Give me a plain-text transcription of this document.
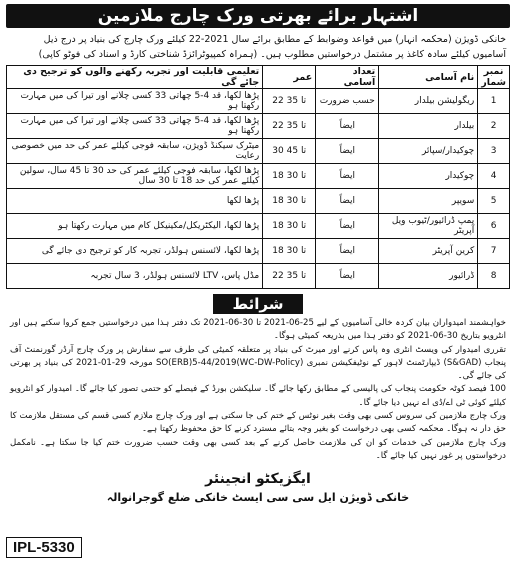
اشتہار برائے بھرتی ورک چارج ملازمین
خانکی ڈویژن (محکمہ انہار) میں قواعد وضوابط کے مطابق برائے سال 2021-22 کیلئے ورک چارج کی بنیاد پر درج ذیل آسامیوں کیلئے سادہ کاغذ پر مشتمل درخواستیں مطلوب ہیں۔ (ہمراہ کمپیوٹرائزڈ شناختی کارڈ و اسناد کی فوٹو کاپی)
نمبر شمار	نام آسامی	تعداد آسامی	عمر	تعلیمی قابلیت اور تجربہ رکھنے والوں کو ترجیح دی جائے گی
1	ریگولیشن بیلدار	حسب ضرورت	22 تا 35	پڑھا لکھا، قد 4-5 چھاتی 33 کسی چلانے اور تیرا کی میں مہارت رکھتا ہو
2	بیلدار	ایضاً	22 تا 35	پڑھا لکھا، قد 4-5 چھاتی 33 کسی چلانے اور تیرا کی میں مہارت رکھتا ہو
3	چوکیدار/سپائر	ایضاً	30 تا 45	میٹرک سیکنڈ ڈویژن، سابقہ فوجی کیلئے عمر کی حد میں خصوصی رعایت
4	چوکیدار	ایضاً	18 تا 30	پڑھا لکھا، سابقہ فوجی کیلئے عمر کی حد 30 تا 45 سال، سولین کیلئے عمر کی حد 18 تا 30 سال
5	سویپر	ایضاً	18 تا 30	پڑھا لکھا
6	پمپ ڈرائیور/ٹیوب ویل آپریٹر	ایضاً	18 تا 30	پڑھا لکھا، الیکٹریکل/مکینیکل کام میں مہارت رکھتا ہو
7	کرین آپریٹر	ایضاً	18 تا 30	پڑھا لکھا، لائسنس ہولڈر، تجربہ کار کو ترجیح دی جائے گی
8	ڈرائیور	ایضاً	22 تا 35	مڈل پاس، LTV لائسنس ہولڈر، 3 سال تجربہ
شرائط

خواہشمند امیدواران بیان کردہ خالی آسامیوں کے لیے 25-06-2021 تا 30-06-2021 تک دفتر ہذا میں درخواستیں جمع کروا سکتے ہیں اور انٹرویو بتاریخ 30-06-2021 کو دفتر ہذا میں بذریعہ کمیٹی ہوگا۔

تقرری امیدوار کی ویسٹ انٹری وہ پاس کرنے اور میرٹ کی بنیاد پر متعلقہ کمیٹی کی طرف سے سفارش پر ورک چارج آرڈر گورنمنٹ آف پنجاب (S&GAD) ڈیپارٹمنٹ لاہور کے نوٹیفکیشن نمبری SO(ERB)5-44/2019(WC-DW-Policy) مورخہ 29-01-2021 کی بنیاد پر بھرتی کی جائے گی۔

100 فیصد کوٹہ حکومت پنجاب کی پالیسی کے مطابق رکھا جائے گا۔ سلیکشن بورڈ کے فیصلے کو حتمی تصور کیا جائے گا۔ امیدوار کو انٹرویو کیلئے کوئی ٹی اے/ڈی اے نہیں دیا جائے گا۔

ورک چارج ملازمین کی سروس کسی بھی وقت بغیر نوٹس کے ختم کی جا سکتی ہے اور ورک چارج ملازم کسی قسم کی مستقل ملازمت کا حق دار نہ ہوگا۔ محکمہ کسی بھی درخواست کو بغیر وجہ بتائے مسترد کرنے کا حق محفوظ رکھتا ہے۔

ورک چارج ملازمین کی خدمات کو ان کی ملازمت حاصل کرنے کے بعد کسی بھی وقت حسب ضرورت ختم کیا جا سکتا ہے۔ نامکمل درخواستوں پر غور نہیں کیا جائے گا۔

ایگزیکٹو انجینئر
خانکی ڈویژن ایل سی سی ایسٹ خانکی ضلع گوجرانوالہ
IPL-5330
